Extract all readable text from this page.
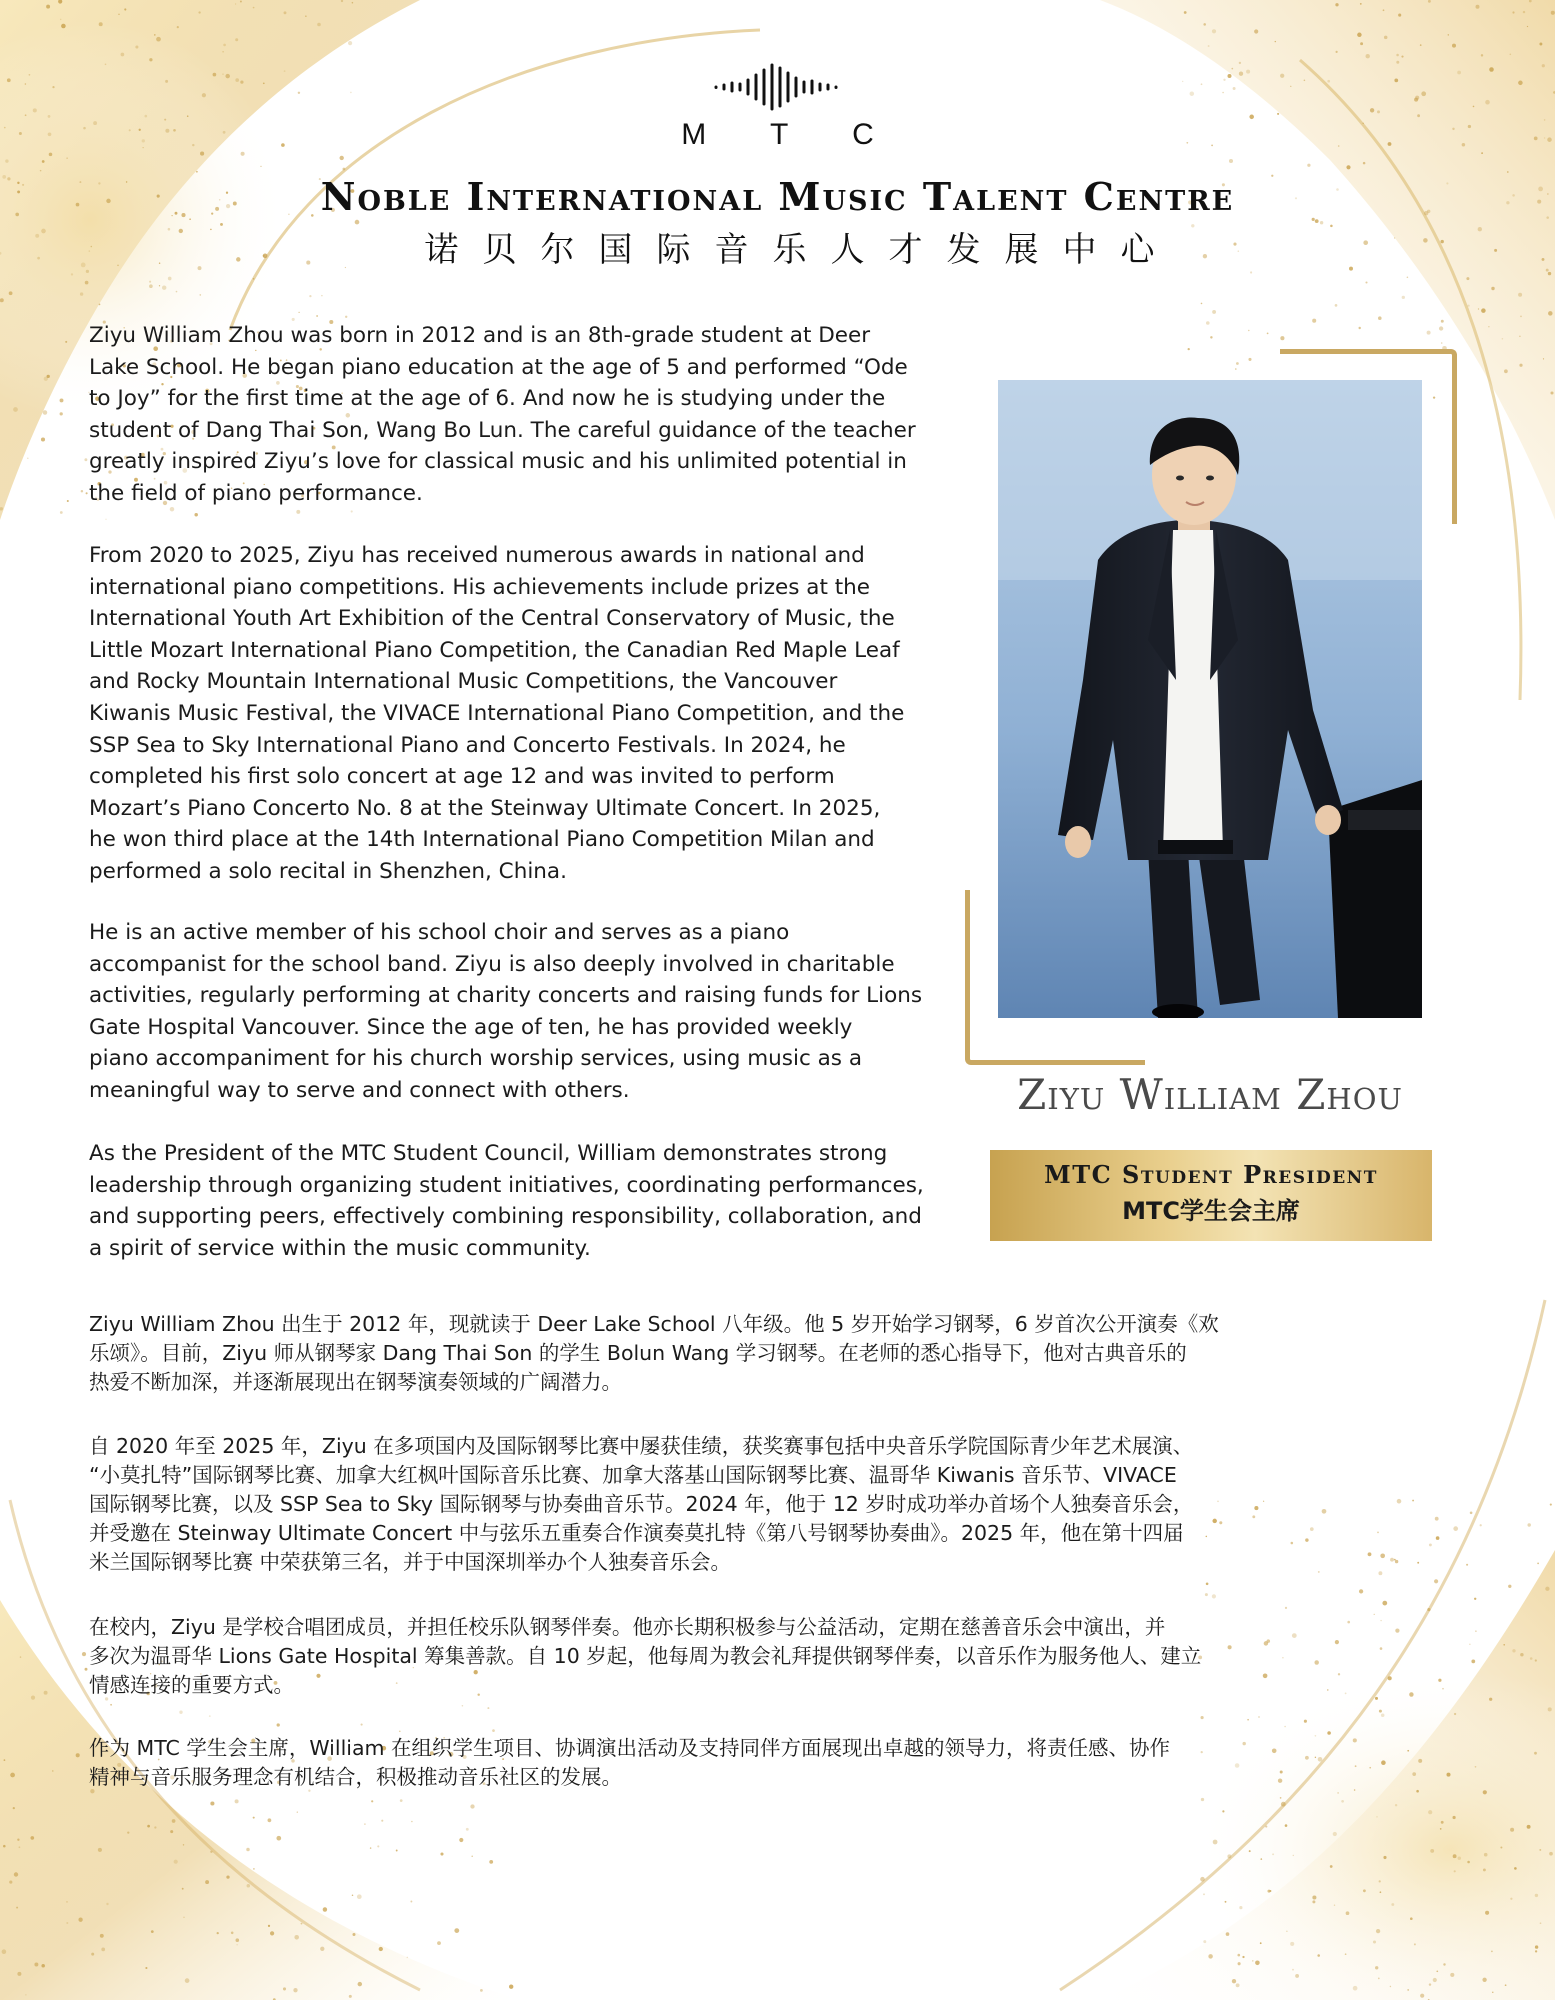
M T C
Noble International Music Talent Centre
诺贝尔国际音乐人才发展中心

Ziyu William Zhou was born in 2012 and is an 8th-grade student at Deer
Lake School. He began piano education at the age of 5 and performed “Ode
to Joy” for the first time at the age of 6. And now he is studying under the
student of Dang Thai Son, Wang Bo Lun. The careful guidance of the teacher
greatly inspired Ziyu’s love for classical music and his unlimited potential in
the field of piano performance.

From 2020 to 2025, Ziyu has received numerous awards in national and
international piano competitions. His achievements include prizes at the
International Youth Art Exhibition of the Central Conservatory of Music, the
Little Mozart International Piano Competition, the Canadian Red Maple Leaf
and Rocky Mountain International Music Competitions, the Vancouver
Kiwanis Music Festival, the VIVACE International Piano Competition, and the
SSP Sea to Sky International Piano and Concerto Festivals. In 2024, he
completed his first solo concert at age 12 and was invited to perform
Mozart’s Piano Concerto No. 8 at the Steinway Ultimate Concert. In 2025,
he won third place at the 14th International Piano Competition Milan and
performed a solo recital in Shenzhen, China.

He is an active member of his school choir and serves as a piano
accompanist for the school band. Ziyu is also deeply involved in charitable
activities, regularly performing at charity concerts and raising funds for Lions
Gate Hospital Vancouver. Since the age of ten, he has provided weekly
piano accompaniment for his church worship services, using music as a
meaningful way to serve and connect with others.

As the President of the MTC Student Council, William demonstrates strong
leadership through organizing student initiatives, coordinating performances,
and supporting peers, effectively combining responsibility, collaboration, and
a spirit of service within the music community.

Ziyu William Zhou 出生于 2012 年，现就读于 Deer Lake School 八年级。他 5 岁开始学习钢琴，6 岁首次公开演奏《欢
乐颂》。目前，Ziyu 师从钢琴家 Dang Thai Son 的学生 Bolun Wang 学习钢琴。在老师的悉心指导下，他对古典音乐的
热爱不断加深，并逐渐展现出在钢琴演奏领域的广阔潜力。

自 2020 年至 2025 年，Ziyu 在多项国内及国际钢琴比赛中屡获佳绩，获奖赛事包括中央音乐学院国际青少年艺术展演、
“小莫扎特”国际钢琴比赛、加拿大红枫叶国际音乐比赛、加拿大落基山国际钢琴比赛、温哥华 Kiwanis 音乐节、VIVACE
国际钢琴比赛，以及 SSP Sea to Sky 国际钢琴与协奏曲音乐节。2024 年，他于 12 岁时成功举办首场个人独奏音乐会，
并受邀在 Steinway Ultimate Concert 中与弦乐五重奏合作演奏莫扎特《第八号钢琴协奏曲》。2025 年，他在第十四届
米兰国际钢琴比赛 中荣获第三名，并于中国深圳举办个人独奏音乐会。

在校内，Ziyu 是学校合唱团成员，并担任校乐队钢琴伴奏。他亦长期积极参与公益活动，定期在慈善音乐会中演出，并
多次为温哥华 Lions Gate Hospital 筹集善款。自 10 岁起，他每周为教会礼拜提供钢琴伴奏，以音乐作为服务他人、建立
情感连接的重要方式。

作为 MTC 学生会主席，William 在组织学生项目、协调演出活动及支持同伴方面展现出卓越的领导力，将责任感、协作
精神与音乐服务理念有机结合，积极推动音乐社区的发展。

Ziyu William Zhou
MTC Student President
MTC学生会主席
